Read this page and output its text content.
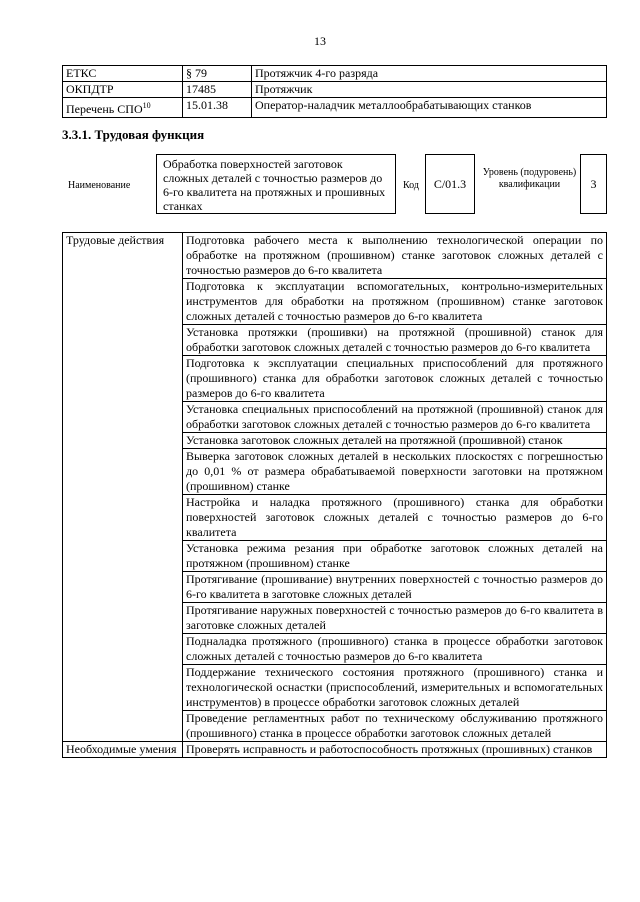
13
ЕТКС	§ 79	Протяжчик 4-го разряда
ОКПДТР	17485	Протяжчик
Перечень СПО$^{10}$	15.01.38	Оператор-наладчик металлообрабатывающих станков
3.3.1. Трудовая функция
Наименование
Обработка поверхностей заготовок сложных деталей с точностью размеров до 6-го квалитета на протяжных и прошивных станках
Код	С/01.3
Уровень (подуровень) квалификации	3
Трудовые действия	Подготовка рабочего места к выполнению технологической операции по обработке на протяжном (прошивном) станке заготовок сложных деталей с точностью размеров до 6-го квалитета
	Подготовка к эксплуатации вспомогательных, контрольно-измерительных инструментов для обработки на протяжном (прошивном) станке заготовок сложных деталей с точностью размеров до 6-го квалитета
	Установка протяжки (прошивки) на протяжной (прошивной) станок для обработки заготовок сложных деталей с точностью размеров до 6-го квалитета
	Подготовка к эксплуатации специальных приспособлений для протяжного (прошивного) станка для обработки заготовок сложных деталей с точностью размеров до 6-го квалитета
	Установка специальных приспособлений на протяжной (прошивной) станок для обработки заготовок сложных деталей с точностью размеров до 6-го квалитета
	Установка заготовок сложных деталей на протяжной (прошивной) станок
	Выверка заготовок сложных деталей в нескольких плоскостях с погрешностью до 0,01 % от размера обрабатываемой поверхности заготовки на протяжном (прошивном) станке
	Настройка и наладка протяжного (прошивного) станка для обработки поверхностей заготовок сложных деталей с точностью размеров до 6-го квалитета
	Установка режима резания при обработке заготовок сложных деталей на протяжном (прошивном) станке
	Протягивание (прошивание) внутренних поверхностей с точностью размеров до 6-го квалитета в заготовке сложных деталей
	Протягивание наружных поверхностей с точностью размеров до 6-го квалитета в заготовке сложных деталей
	Подналадка протяжного (прошивного) станка в процессе обработки заготовок сложных деталей с точностью размеров до 6-го квалитета
	Поддержание технического состояния протяжного (прошивного) станка и технологической оснастки (приспособлений, измерительных и вспомогательных инструментов) в процессе обработки заготовок сложных деталей
	Проведение регламентных работ по техническому обслуживанию протяжного (прошивного) станка в процессе обработки заготовок сложных деталей
Необходимые умения	Проверять исправность и работоспособность протяжных (прошивных) станков
